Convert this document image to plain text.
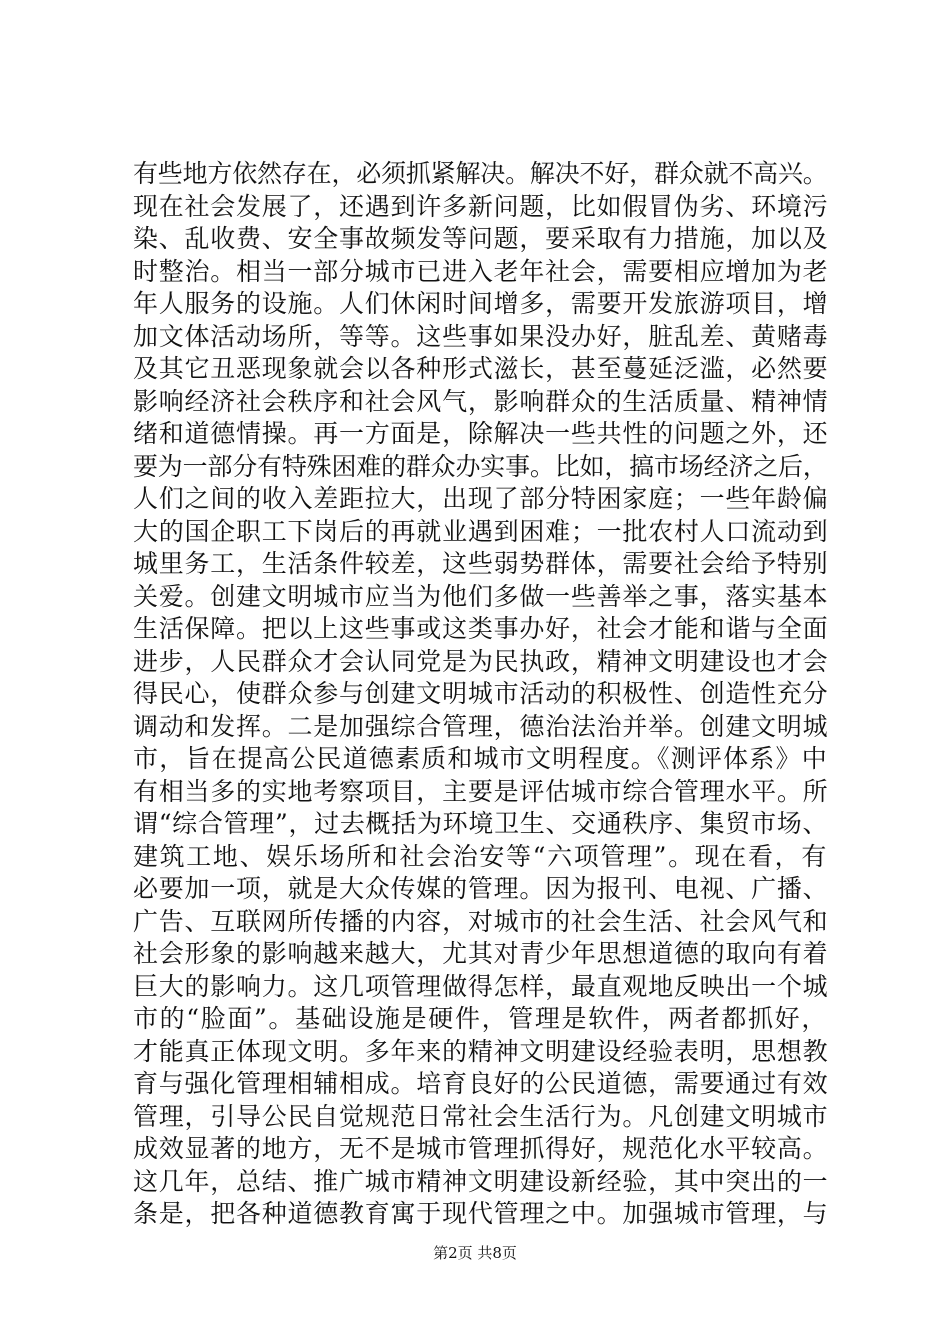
有些地方依然存在，必须抓紧解决。解决不好，群众就不高兴。
现在社会发展了，还遇到许多新问题，比如假冒伪劣、环境污
染、乱收费、安全事故频发等问题，要采取有力措施，加以及
时整治。相当一部分城市已进入老年社会，需要相应增加为老
年人服务的设施。人们休闲时间增多，需要开发旅游项目，增
加文体活动场所，等等。这些事如果没办好，脏乱差、黄赌毒
及其它丑恶现象就会以各种形式滋长，甚至蔓延泛滥，必然要
影响经济社会秩序和社会风气，影响群众的生活质量、精神情
绪和道德情操。再一方面是，除解决一些共性的问题之外，还
要为一部分有特殊困难的群众办实事。比如，搞市场经济之后，
人们之间的收入差距拉大，出现了部分特困家庭；一些年龄偏
大的国企职工下岗后的再就业遇到困难；一批农村人口流动到
城里务工，生活条件较差，这些弱势群体，需要社会给予特别
关爱。创建文明城市应当为他们多做一些善举之事，落实基本
生活保障。把以上这些事或这类事办好，社会才能和谐与全面
进步，人民群众才会认同党是为民执政，精神文明建设也才会
得民心，使群众参与创建文明城市活动的积极性、创造性充分
调动和发挥。二是加强综合管理，德治法治并举。创建文明城
市，旨在提高公民道德素质和城市文明程度。《测评体系》中
有相当多的实地考察项目，主要是评估城市综合管理水平。所
谓“综合管理”，过去概括为环境卫生、交通秩序、集贸市场、
建筑工地、娱乐场所和社会治安等“六项管理”。现在看，有
必要加一项，就是大众传媒的管理。因为报刊、电视、广播、
广告、互联网所传播的内容，对城市的社会生活、社会风气和
社会形象的影响越来越大，尤其对青少年思想道德的取向有着
巨大的影响力。这几项管理做得怎样，最直观地反映出一个城
市的“脸面”。基础设施是硬件，管理是软件，两者都抓好，
才能真正体现文明。多年来的精神文明建设经验表明，思想教
育与强化管理相辅相成。培育良好的公民道德，需要通过有效
管理，引导公民自觉规范日常社会生活行为。凡创建文明城市
成效显著的地方，无不是城市管理抓得好，规范化水平较高。
这几年，总结、推广城市精神文明建设新经验，其中突出的一
条是，把各种道德教育寓于现代管理之中。加强城市管理，与
第2页 共8页
